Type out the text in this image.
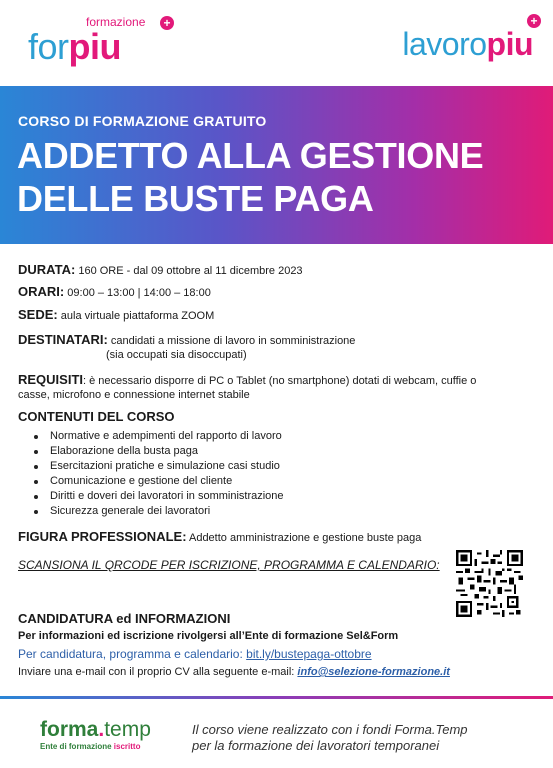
formazione +
forpiu
+
lavoropiu
CORSO DI FORMAZIONE GRATUITO
ADDETTO ALLA GESTIONE
DELLE BUSTE PAGA
DURATA: 160 ORE - dal 09 ottobre al 11 dicembre 2023
ORARI: 09:00 – 13:00 | 14:00 – 18:00
SEDE: aula virtuale piattaforma ZOOM
DESTINATARI: candidati a missione di lavoro in somministrazione
(sia occupati sia disoccupati)
REQUISITI: è necessario disporre di PC o Tablet (no smartphone) dotati di webcam, cuffie o
casse, microfono e connessione internet stabile
CONTENUTI DEL CORSO
Normative e adempimenti del rapporto di lavoro
Elaborazione della busta paga
Esercitazioni pratiche e simulazione casi studio
Comunicazione e gestione del cliente
Diritti e doveri dei lavoratori in somministrazione
Sicurezza generale dei lavoratori
FIGURA PROFESSIONALE: Addetto amministrazione e gestione buste paga
SCANSIONA IL QRCODE PER ISCRIZIONE, PROGRAMMA E CALENDARIO:
CANDIDATURA ed INFORMAZIONI
Per informazioni ed iscrizione rivolgersi all’Ente di formazione Sel&Form
Per candidatura, programma e calendario: bit.ly/bustepaga-ottobre
Inviare una e-mail con il proprio CV alla seguente e-mail: info@selezione-formazione.it
forma.temp
Ente di formazione iscritto
Il corso viene realizzato con i fondi Forma.Temp
per la formazione dei lavoratori temporanei
